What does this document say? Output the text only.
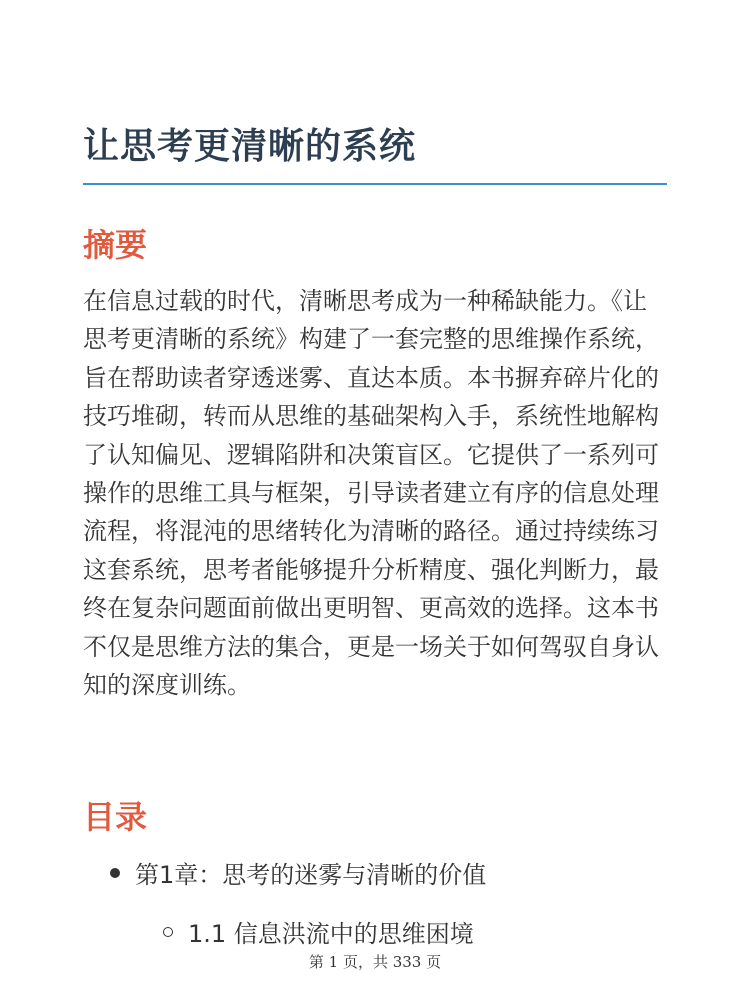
让思考更清晰的系统
摘要

在信息过载的时代，清晰思考成为一种稀缺能力。《让思考更清晰的系统》构建了一套完整的思维操作系统，旨在帮助读者穿透迷雾、直达本质。本书摒弃碎片化的技巧堆砌，转而从思维的基础架构入手，系统性地解构了认知偏见、逻辑陷阱和决策盲区。它提供了一系列可操作的思维工具与框架，引导读者建立有序的信息处理流程，将混沌的思绪转化为清晰的路径。通过持续练习这套系统，思考者能够提升分析精度、强化判断力，最终在复杂问题面前做出更明智、更高效的选择。这本书不仅是思维方法的集合，更是一场关于如何驾驭自身认知的深度训练。

目录
第1章：思考的迷雾与清晰的价值
1.1 信息洪流中的思维困境
第 1 页，共 333 页
